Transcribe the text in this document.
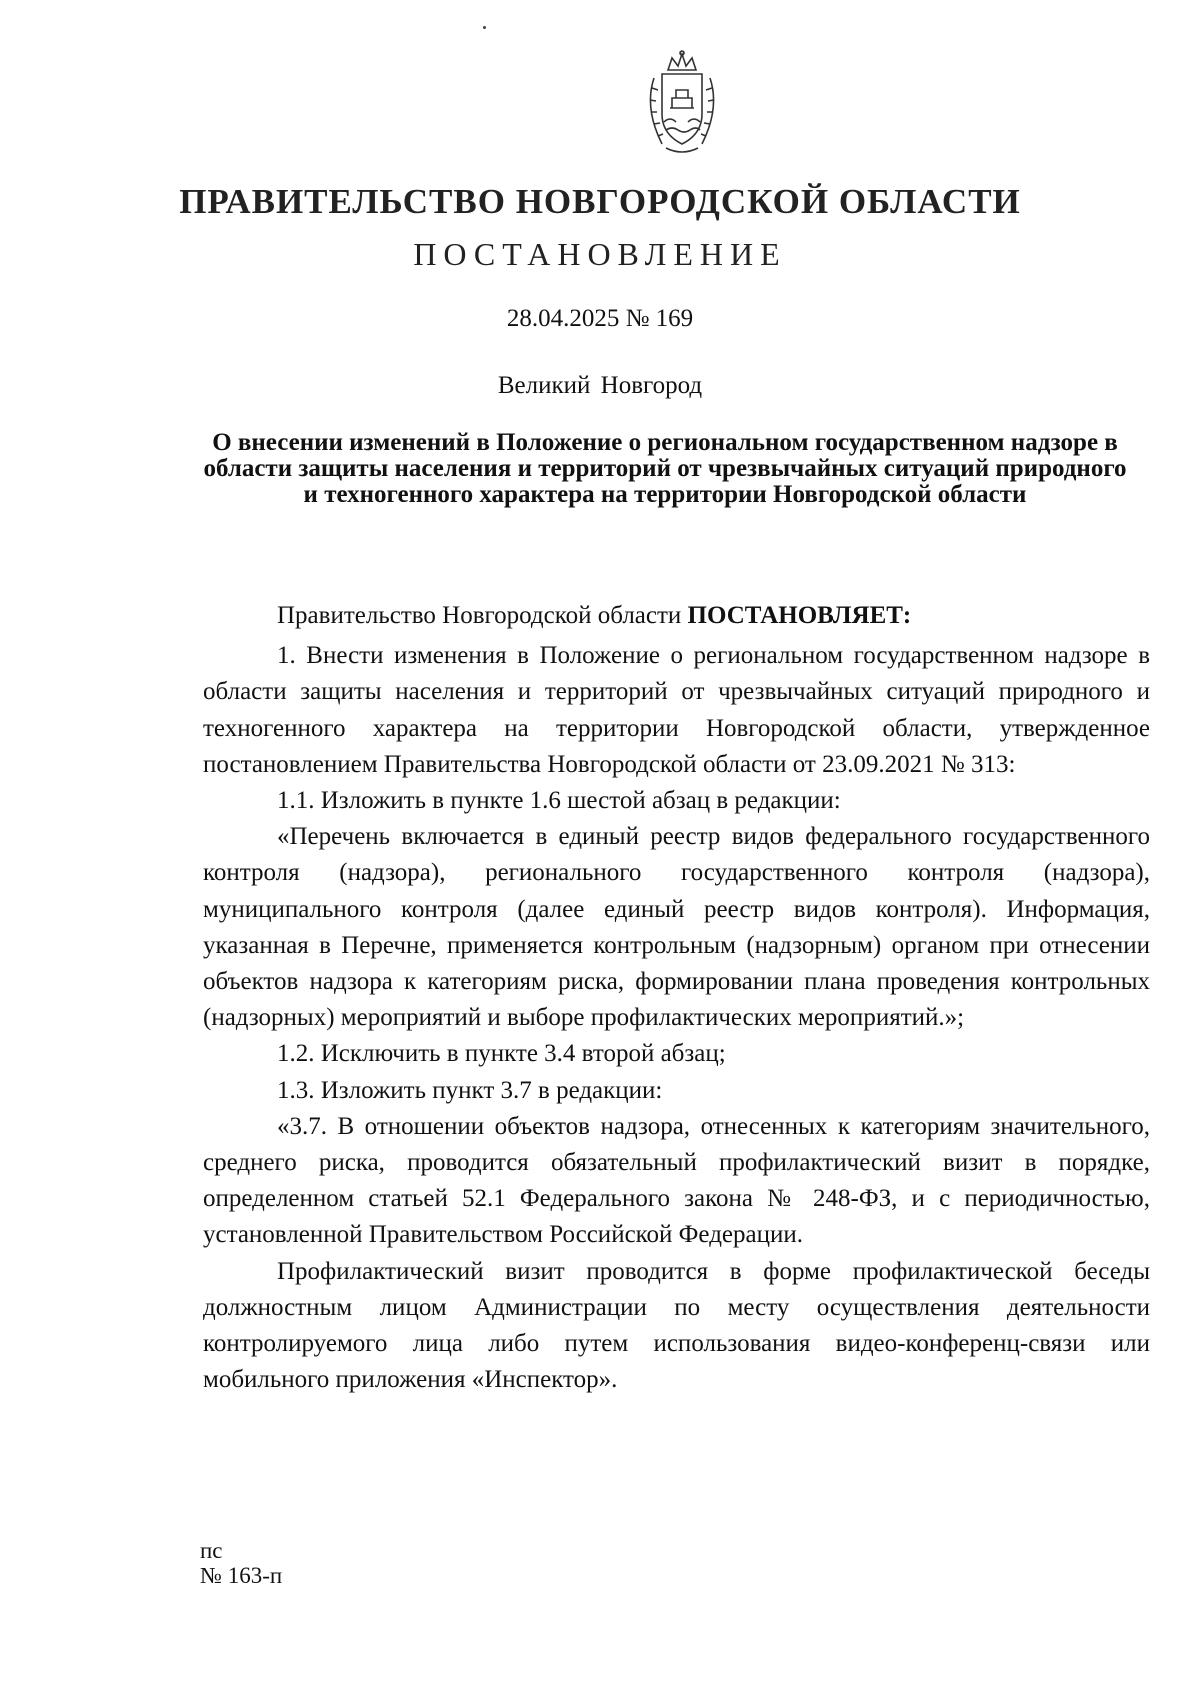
ПРАВИТЕЛЬСТВО НОВГОРОДСКОЙ ОБЛАСТИ
ПОСТАНОВЛЕНИЕ
28.04.2025 № 169
Великий Новгород
О внесении изменений в Положение о региональном государственном надзоре в области защиты населения и территорий от чрезвычайных ситуаций природного и техногенного характера на территории Новгородской области

Правительство Новгородской области ПОСТАНОВЛЯЕТ:

1. Внести изменения в Положение о региональном государственном надзоре в области защиты населения и территорий от чрезвычайных ситуаций природного и техногенного характера на территории Новгородской области, утвержденное постановлением Правительства Новгородской области от 23.09.2021 № 313:

1.1. Изложить в пункте 1.6 шестой абзац в редакции:

«Перечень включается в единый реестр видов федерального государственного контроля (надзора), регионального государственного контроля (надзора), муниципального контроля (далее единый реестр видов контроля). Информация, указанная в Перечне, применяется контрольным (надзорным) органом при отнесении объектов надзора к категориям риска, формировании плана проведения контрольных (надзорных) мероприятий и выборе профилактических мероприятий.»;

1.2. Исключить в пункте 3.4 второй абзац;

1.3. Изложить пункт 3.7 в редакции:

«3.7. В отношении объектов надзора, отнесенных к категориям значительного, среднего риска, проводится обязательный профилактический визит в порядке, определенном статьей 52.1 Федерального закона № 248-ФЗ, и с периодичностью, установленной Правительством Российской Федерации.

Профилактический визит проводится в форме профилактической беседы должностным лицом Администрации по месту осуществления деятельности контролируемого лица либо путем использования видео-конференц-связи или мобильного приложения «Инспектор».

пс
№ 163-п
